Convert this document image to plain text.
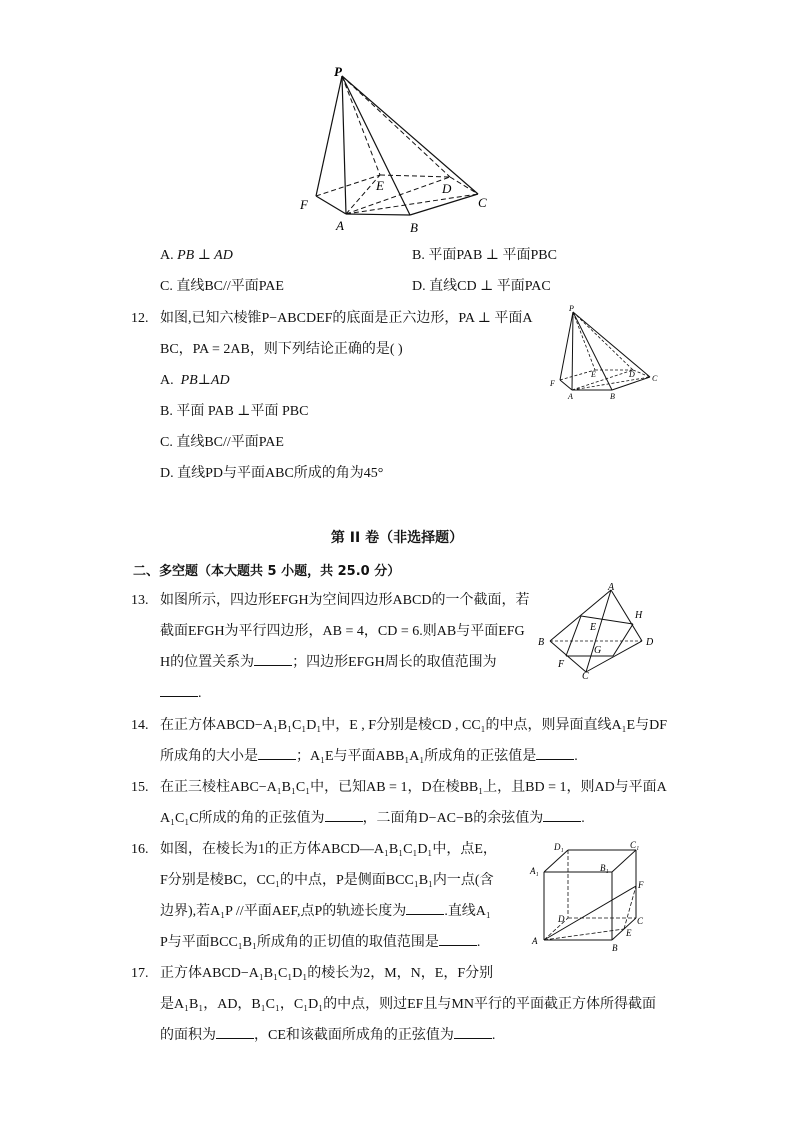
P
E	D
F
A	B
C
A. PB ⊥ AD	B. 平面PAB ⊥ 平面PBC
C. 直线BC//平面PAE	D. 直线CD ⊥ 平面PAC
12. 如图,已知六棱锥P−ABCDEF的底面是正六边形，PA ⊥ 平面A
BC，PA = 2AB，则下列结论正确的是( )
A. PB⊥AD
B. 平面 PAB ⊥平面 PBC
C. 直线BC//平面PAE
D. 直线PD与平面ABC所成的角为45°
P
E	D
F
C
A	B
第 II 卷（非选择题）
二、多空题（本大题共 5 小题，共 25.0 分）
13. 如图所示，四边形EFGH为空间四边形ABCD的一个截面，若
截面EFGH为平行四边形，AB = 4，CD = 6.则AB与平面EFG
H的位置关系为	；四边形EFGH周长的取值范围为
.
A
H
B
E
D
G
F
C
14. 在正方体ABCD−A₁B₁C₁D₁中，E , F分别是棱CD , CC₁的中点，则异面直线A₁E与DF
所成角的大小是	；A₁E与平面ABB₁A₁所成角的正弦值是	.
15. 在正三棱柱ABC−A₁B₁C₁中，已知AB = 1，D在棱BB₁上，且BD = 1，则AD与平面A
A₁C₁C所成的角的正弦值为	，二面角D−AC−B的余弦值为	.
16. 如图，在棱长为1的正方体ABCD—A₁B₁C₁D₁中，点E，
F分别是棱BC，CC₁的中点，P是侧面BCC₁B₁内一点(含
边界),若A₁P //平面AEF,点P的轨迹长度为	.直线A₁
P与平面BCC₁B₁所成角的正切值的取值范围是	.
D₁	C₁
A₁	B₁
F
D	C
E
A
B
17. 正方体ABCD−A₁B₁C₁D₁的棱长为2，M，N，E，F分别
是A₁B₁，AD，B₁C₁，C₁D₁的中点，则过EF且与MN平行的平面截正方体所得截面
的面积为	，CE和该截面所成角的正弦值为	.
